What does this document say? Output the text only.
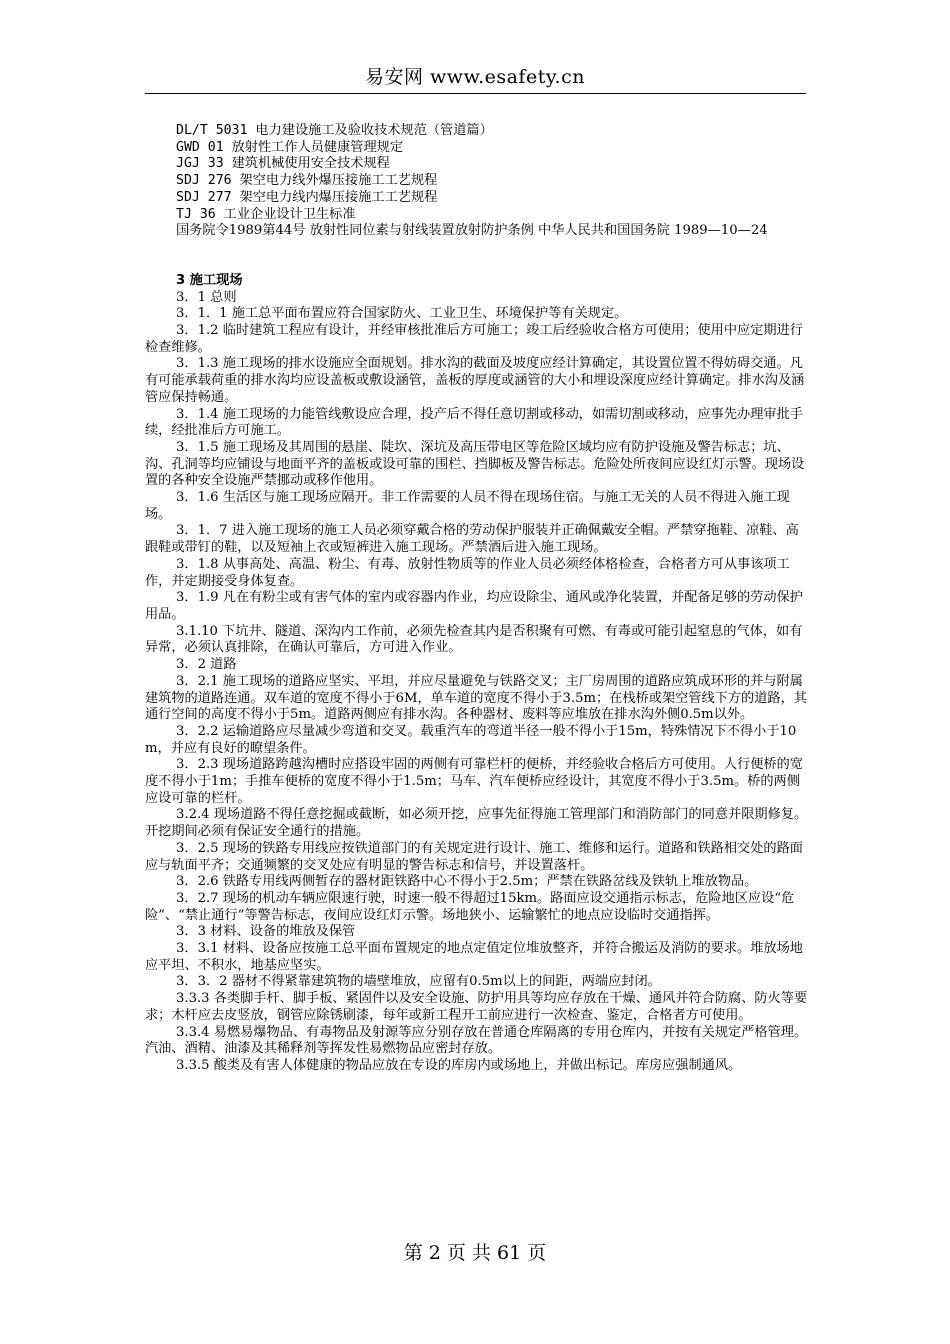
易安网 www.esafety.cn

DL/T 5031 电力建设施工及验收技术规范（管道篇）

GWD 01 放射性工作人员健康管理规定

JGJ 33 建筑机械使用安全技术规程

SDJ 276 架空电力线外爆压接施工工艺规程

SDJ 277 架空电力线内爆压接施工工艺规程

TJ 36 工业企业设计卫生标准

国务院令1989第44号 放射性同位素与射线装置放射防护条例 中华人民共和国国务院 1989—10—24

3 施工现场

3．1 总则

3．1．1 施工总平面布置应符合国家防火、工业卫生、环境保护等有关规定。

3．1.2 临时建筑工程应有设计，并经审核批准后方可施工；竣工后经验收合格方可使用；使用中应定期进行检查维修。

3．1.3 施工现场的排水设施应全面规划。排水沟的截面及坡度应经计算确定，其设置位置不得妨碍交通。凡有可能承载荷重的排水沟均应设盖板或敷设涵管，盖板的厚度或涵管的大小和埋设深度应经计算确定。排水沟及涵管应保持畅通。

3．1.4 施工现场的力能管线敷设应合理，投产后不得任意切割或移动，如需切割或移动，应事先办理审批手续，经批准后方可施工。

3．1.5 施工现场及其周围的悬崖、陡坎、深坑及高压带电区等危险区域均应有防护设施及警告标志；坑、沟、孔洞等均应铺设与地面平齐的盖板或设可靠的围栏、挡脚板及警告标志。危险处所夜间应设红灯示警。现场设置的各种安全设施严禁挪动或移作他用。

3．1.6 生活区与施工现场应隔开。非工作需要的人员不得在现场住宿。与施工无关的人员不得进入施工现场。

3．1．7 进入施工现场的施工人员必须穿戴合格的劳动保护服装并正确佩戴安全帽。严禁穿拖鞋、凉鞋、高跟鞋或带钉的鞋，以及短袖上衣或短裤进入施工现场。严禁酒后进入施工现场。

3．1.8 从事高处、高温、粉尘、有毒、放射性物质等的作业人员必须经体格检查，合格者方可从事该项工作，并定期接受身体复查。

3．1.9 凡在有粉尘或有害气体的室内或容器内作业，均应设除尘、通风或净化装置，并配备足够的劳动保护用品。

3.1.10 下坑井、隧道、深沟内工作前，必须先检查其内是否积聚有可燃、有毒或可能引起窒息的气体，如有异常，必须认真排除，在确认可靠后，方可进入作业。

3．2 道路

3．2.1 施工现场的道路应坚实、平坦，并应尽量避免与铁路交叉；主厂房周围的道路应筑成环形的并与附属建筑物的道路连通。双车道的宽度不得小于6M，单车道的宽度不得小于3.5m；在栈桥或架空管线下方的道路，其通行空间的高度不得小于5m。道路两侧应有排水沟。各种器材、废料等应堆放在排水沟外侧0.5m以外。

3．2.2 运输道路应尽量减少弯道和交叉。载重汽车的弯道半径一般不得小于15m，特殊情况下不得小于10m，并应有良好的瞭望条件。

3．2.3 现场道路跨越沟槽时应搭设牢固的两侧有可靠栏杆的便桥，并经验收合格后方可使用。人行便桥的宽度不得小于1m；手推车便桥的宽度不得小于1.5m；马车、汽车便桥应经设计，其宽度不得小于3.5m。桥的两侧应设可靠的栏杆。

3.2.4 现场道路不得任意挖掘或截断，如必须开挖，应事先征得施工管理部门和消防部门的同意并限期修复。开挖期间必须有保证安全通行的措施。

3．2.5 现场的铁路专用线应按铁道部门的有关规定进行设计、施工、维修和运行。道路和铁路相交处的路面应与轨面平齐；交通频繁的交叉处应有明显的警告标志和信号，并设置落杆。

3．2.6 铁路专用线两侧暂存的器材距铁路中心不得小于2.5m；严禁在铁路岔线及铁轨上堆放物品。

3．2.7 现场的机动车辆应限速行驶，时速一般不得超过15km。路面应设交通指示标志，危险地区应设“危险”、“禁止通行”等警告标志，夜间应设红灯示警。场地狭小、运输繁忙的地点应设临时交通指挥。

3．3 材料、设备的堆放及保管

3．3.1 材料、设备应按施工总平面布置规定的地点定值定位堆放整齐，并符合搬运及消防的要求。堆放场地应平坦、不积水，地基应坚实。

3．3．2 器材不得紧靠建筑物的墙壁堆放，应留有0.5m以上的间距，两端应封闭。

3.3.3 各类脚手杆、脚手板、紧固件以及安全设施、防护用具等均应存放在干燥、通风并符合防腐、防火等要求；木杆应去皮竖放，钢管应除锈刷漆，每年或新工程开工前应进行一次检查、鉴定，合格者方可使用。

3.3.4 易燃易爆物品、有毒物品及射源等应分别存放在普通仓库隔离的专用仓库内，并按有关规定严格管理。汽油、酒精、油漆及其稀释剂等挥发性易燃物品应密封存放。

3.3.5 酸类及有害人体健康的物品应放在专设的库房内或场地上，并做出标记。库房应强制通风。

第 2 页 共 61 页
